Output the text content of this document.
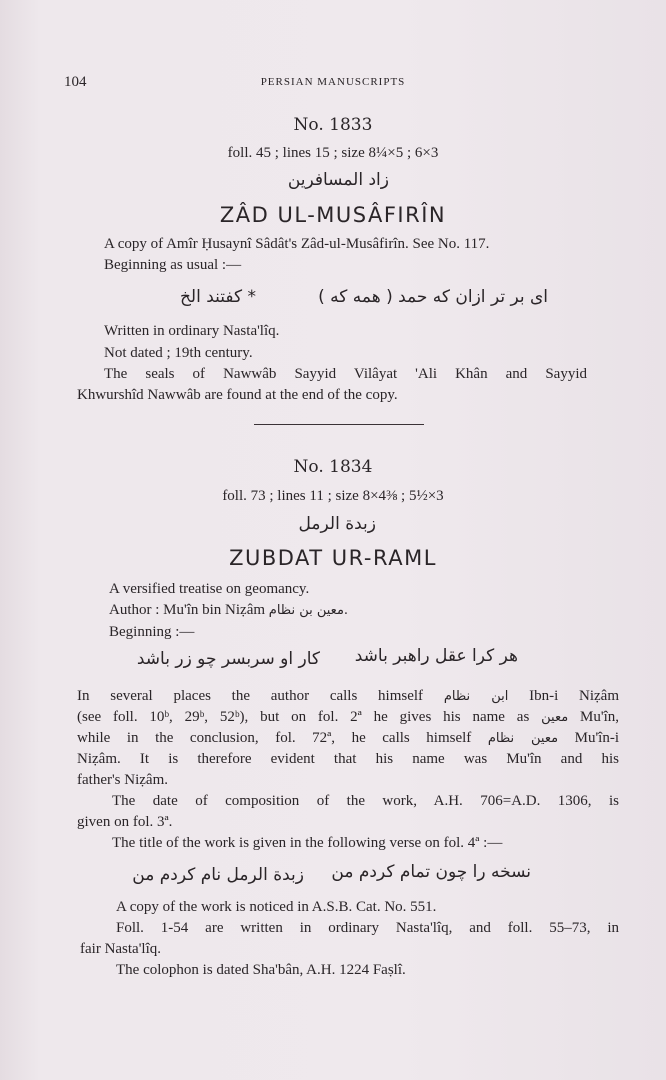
104	PERSIAN MANUSCRIPTS
No. 1833
foll. 45 ; lines 15 ; size 8¼×5 ; 6×3
زاد المسافرین
ZÂD UL-MUSÂFIRÎN
A copy of Amîr Ḥusaynî Sâdât's Zâd-ul-Musâfirîn. See No. 117.
Beginning as usual :—
ای بر تر ازان که حمد ( همه که )
* کفتند الخ
Written in ordinary Nasta'lîq.
Not dated ; 19th century.
The seals of Nawwâb Sayyid Vilâyat 'Ali Khân and Sayyid
Khwurshîd Nawwâb are found at the end of the copy.
No. 1834
foll. 73 ; lines 11 ; size 8×4⅜ ; 5½×3
زبدة الرمل
ZUBDAT UR-RAML
A versified treatise on geomancy.
Author : Mu'în bin Niẓâm معین بن نظام.
Beginning :—
هر کرا عقل راهبر باشد
کار او سربسر چو زر باشد
In several places the author calls himself ابن نظام Ibn-i Niẓâm
(see foll. 10ᵇ, 29ᵇ, 52ᵇ), but on fol. 2ª he gives his name as معین Mu'în,
while in the conclusion, fol. 72ª, he calls himself معین نظام Mu'în-i
Niẓâm. It is therefore evident that his name was Mu'în and his
father's Niẓâm.
The date of composition of the work, A.H. 706=A.D. 1306, is
given on fol. 3ª.
The title of the work is given in the following verse on fol. 4ª :—
نسخه را چون تمام کردم من
زبدة الرمل نام کردم من
A copy of the work is noticed in A.S.B. Cat. No. 551.
Foll. 1-54 are written in ordinary Nasta'lîq, and foll. 55–73, in
fair Nasta'lîq.
The colophon is dated Sha'bân, A.H. 1224 Faṣlî.
